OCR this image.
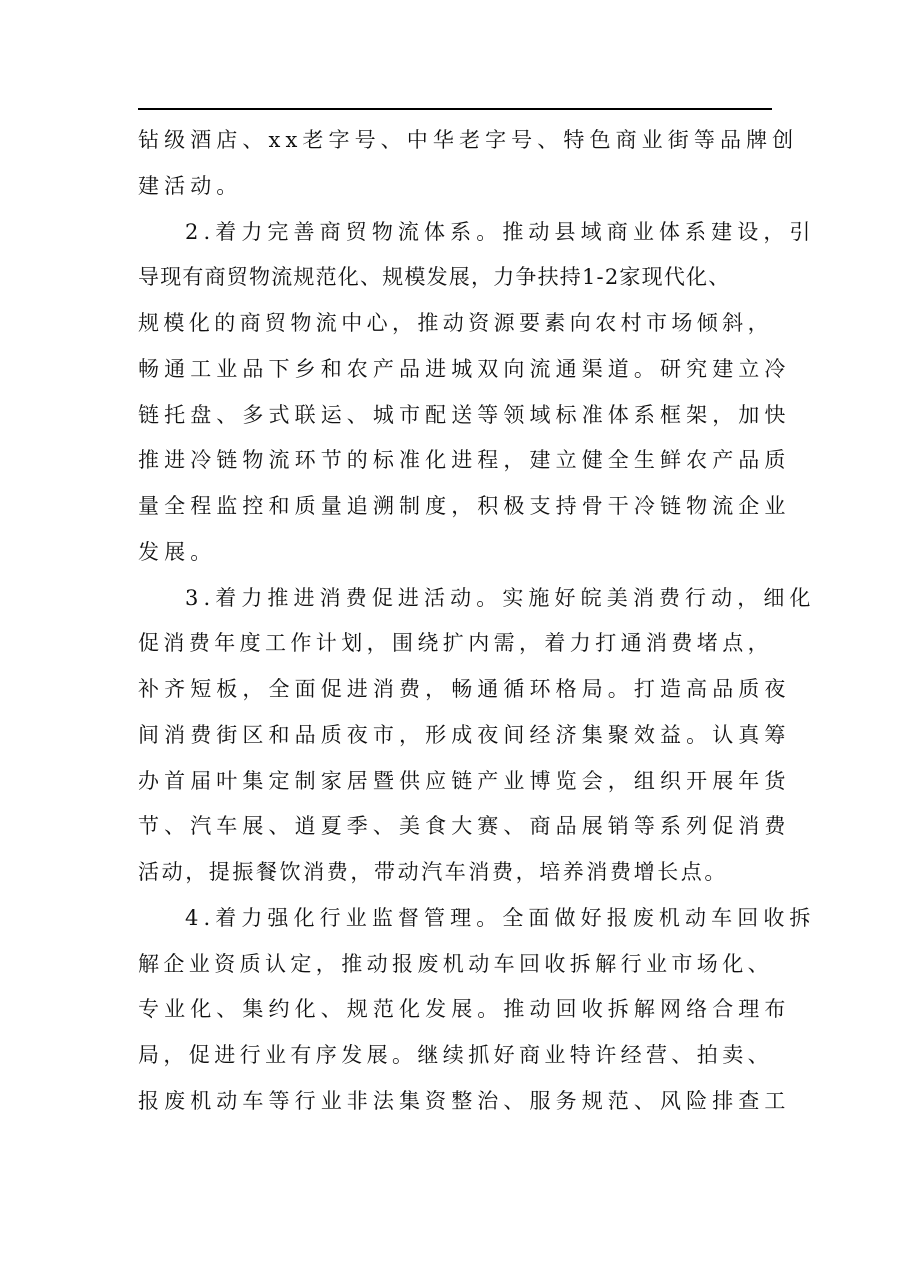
钻级酒店、xx老字号、中华老字号、特色商业街等品牌创
建活动。
2.着力完善商贸物流体系。推动县域商业体系建设，引
导现有商贸物流规范化、规模发展，力争扶持1-2家现代化、
规模化的商贸物流中心，推动资源要素向农村市场倾斜，
畅通工业品下乡和农产品进城双向流通渠道。研究建立冷
链托盘、多式联运、城市配送等领域标准体系框架，加快
推进冷链物流环节的标准化进程，建立健全生鲜农产品质
量全程监控和质量追溯制度，积极支持骨干冷链物流企业
发展。
3.着力推进消费促进活动。实施好皖美消费行动，细化
促消费年度工作计划，围绕扩内需，着力打通消费堵点，
补齐短板，全面促进消费，畅通循环格局。打造高品质夜
间消费街区和品质夜市，形成夜间经济集聚效益。认真筹
办首届叶集定制家居暨供应链产业博览会，组织开展年货
节、汽车展、逍夏季、美食大赛、商品展销等系列促消费
活动，提振餐饮消费，带动汽车消费，培养消费增长点。
4.着力强化行业监督管理。全面做好报废机动车回收拆
解企业资质认定，推动报废机动车回收拆解行业市场化、
专业化、集约化、规范化发展。推动回收拆解网络合理布
局，促进行业有序发展。继续抓好商业特许经营、拍卖、
报废机动车等行业非法集资整治、服务规范、风险排查工
